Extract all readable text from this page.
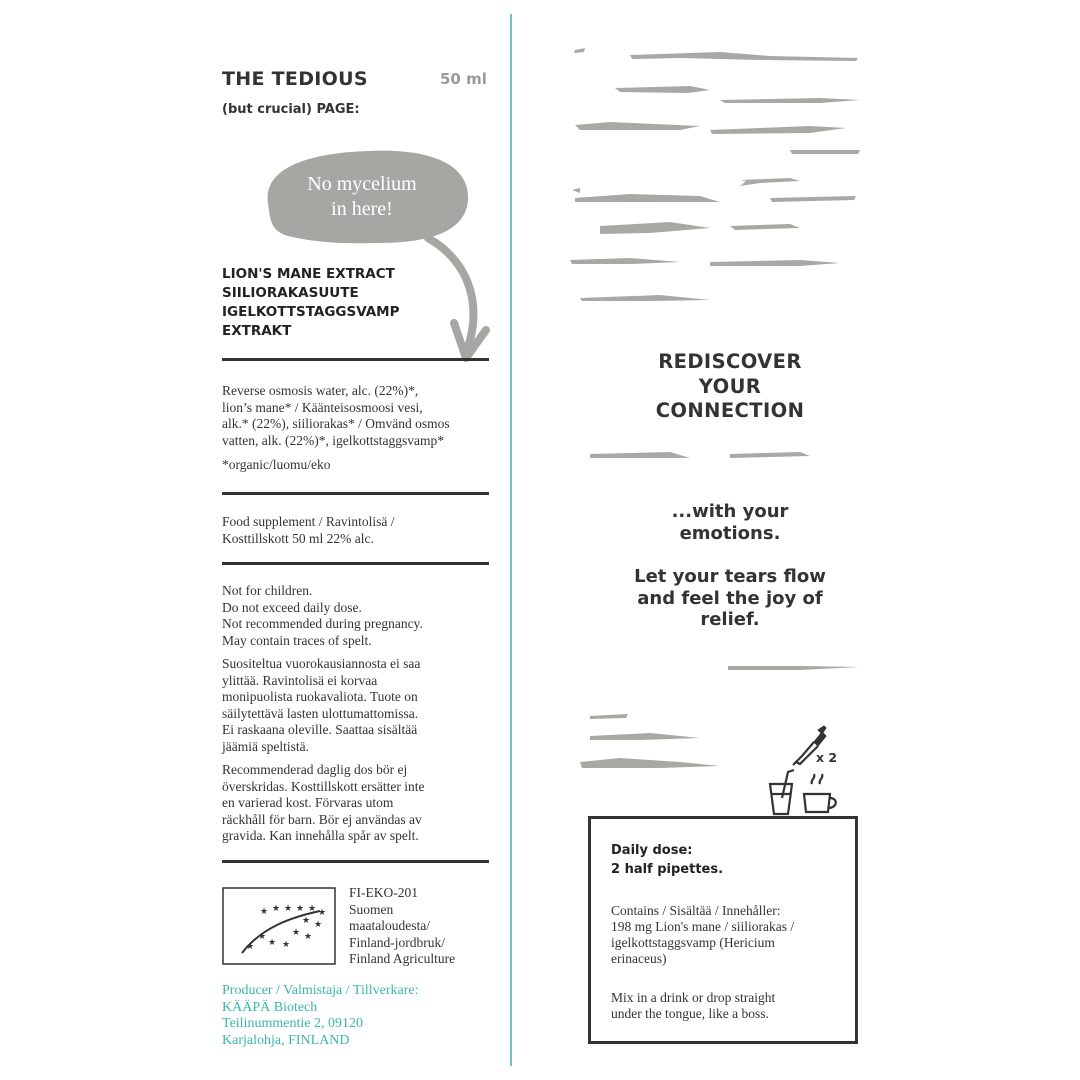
THE TEDIOUS	50 ml
(but crucial) PAGE:
No mycelium
in here!
LION'S MANE EXTRACT
SIILIORAKASUUTE
IGELKOTTSTAGGSVAMP
EXTRAKT
Reverse osmosis water, alc. (22%)*,
lion’s mane* / Käänteisosmoosi vesi,
alk.* (22%), siiliorakas* / Omvänd osmos
vatten, alk. (22%)*, igelkottstaggsvamp*
*organic/luomu/eko
Food supplement / Ravintolisä /
Kosttillskott 50 ml 22% alc.
Not for children.
Do not exceed daily dose.
Not recommended during pregnancy.
May contain traces of spelt.
Suositeltua vuorokausiannosta ei saa
ylittää. Ravintolisä ei korvaa
monipuolista ruokavaliota. Tuote on
säilytettävä lasten ulottumattomissa.
Ei raskaana oleville. Saattaa sisältää
jäämiä speltistä.
Recommenderad daglig dos bör ej
överskridas. Kosttillskott ersätter inte
en varierad kost. Förvaras utom
räckhåll för barn. Bör ej användas av
gravida. Kan innehålla spår av spelt.
★ ★ ★ ★ ★ ★
★ ★
★ ★
★
★ ★
★
FI-EKO-201
Suomen
maataloudesta/
Finland-jordbruk/
Finland Agriculture
Producer / Valmistaja / Tillverkare:
KÄÄPÄ Biotech
Teilinummentie 2, 09120
Karjalohja, FINLAND
REDISCOVER
YOUR
CONNECTION
...with your
emotions.
Let your tears flow
and feel the joy of
relief.
x 2
Daily dose:
2 half pipettes.
Contains / Sisältää / Innehåller:
198 mg Lion's mane / siiliorakas /
igelkottstaggsvamp (Hericium
erinaceus)
Mix in a drink or drop straight
under the tongue, like a boss.
